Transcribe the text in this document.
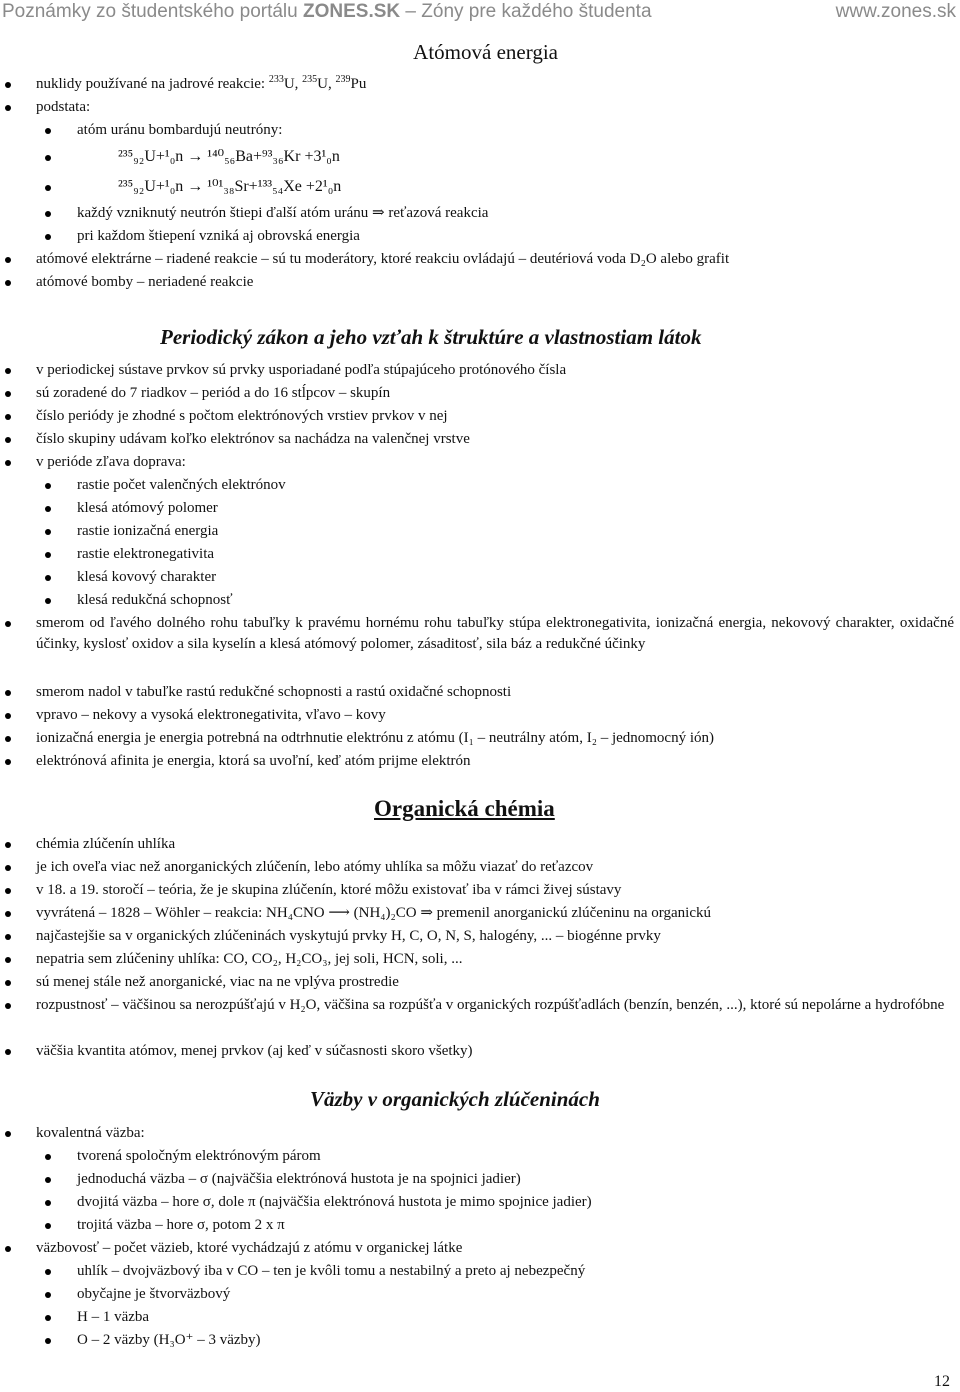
Poznámky zo študentského portálu ZONES.SK – Zóny pre každého študenta	www.zones.sk
Atómová energia
nuklidy používané na jadrové reakcie: $^{233}$U, $^{235}$U, $^{239}$Pu
podstata:
atóm uránu bombardujú neutróny:
²³⁵₉₂U+¹₀n → ¹⁴⁰₅₆Ba+⁹³₃₆Kr +3¹₀n
²³⁵₉₂U+¹₀n → ¹⁰¹₃₈Sr+¹³³₅₄Xe +2¹₀n
každý vzniknutý neutrón štiepi ďalší atóm uránu ⇒ reťazová reakcia
pri každom štiepení vzniká aj obrovská energia
atómové elektrárne – riadené reakcie – sú tu moderátory, ktoré reakciu ovládajú – deutériová voda D₂O alebo grafit
atómové bomby – neriadené reakcie
Periodický zákon a jeho vzťah k štruktúre a vlastnostiam látok
v periodickej sústave prvkov sú prvky usporiadané podľa stúpajúceho protónového čísla
sú zoradené do 7 riadkov – periód a do 16 stĺpcov – skupín
číslo periódy je zhodné s počtom elektrónových vrstiev prvkov v nej
číslo skupiny udávam koľko elektrónov sa nachádza na valenčnej vrstve
v perióde zľava doprava:
rastie počet valenčných elektrónov
klesá atómový polomer
rastie ionizačná energia
rastie elektronegativita
klesá kovový charakter
klesá redukčná schopnosť
smerom od ľavého dolného rohu tabuľky k pravému hornému rohu tabuľky stúpa elektronegativita, ionizačná energia, nekovový charakter, oxidačné účinky, kyslosť oxidov a sila kyselín a klesá atómový polomer, zásaditosť, sila báz a redukčné účinky
smerom nadol v tabuľke rastú redukčné schopnosti a rastú oxidačné schopnosti
vpravo – nekovy a vysoká elektronegativita, vľavo – kovy
ionizačná energia je energia potrebná na odtrhnutie elektrónu z atómu (I₁ – neutrálny atóm, I₂ – jednomocný ión)
elektrónová afinita je energia, ktorá sa uvoľní, keď atóm prijme elektrón
Organická chémia
chémia zlúčenín uhlíka
je ich oveľa viac než anorganických zlúčenín, lebo atómy uhlíka sa môžu viazať do reťazcov
v 18. a 19. storočí – teória, že je skupina zlúčenín, ktoré môžu existovať iba v rámci živej sústavy
vyvrátená – 1828 – Wöhler – reakcia: NH₄CNO ⟶ (NH₄)₂CO ⇒ premenil anorganickú zlúčeninu na organickú
najčastejšie sa v organických zlúčeninách vyskytujú prvky H, C, O, N, S, halogény, ... – biogénne prvky
nepatria sem zlúčeniny uhlíka: CO, CO₂, H₂CO₃, jej soli, HCN, soli, ...
sú menej stále než anorganické, viac na ne vplýva prostredie
rozpustnosť – väčšinou sa nerozpúšťajú v H₂O, väčšina sa rozpúšťa v organických rozpúšťadlách (benzín, benzén, ...), ktoré sú nepolárne a hydrofóbne
väčšia kvantita atómov, menej prvkov (aj keď v súčasnosti skoro všetky)
Väzby v organických zlúčeninách
kovalentná väzba:
tvorená spoločným elektrónovým párom
jednoduchá väzba – σ (najväčšia elektrónová hustota je na spojnici jadier)
dvojitá väzba – hore σ, dole π (najväčšia elektrónová hustota je mimo spojnice jadier)
trojitá väzba – hore σ, potom 2 x π
väzbovosť – počet väzieb, ktoré vychádzajú z atómu v organickej látke
uhlík – dvojväzbový iba v CO – ten je kvôli tomu a nestabilný a preto aj nebezpečný
obyčajne je štvorväzbový
H – 1 väzba
O – 2 väzby (H₃O⁺ – 3 väzby)
12
